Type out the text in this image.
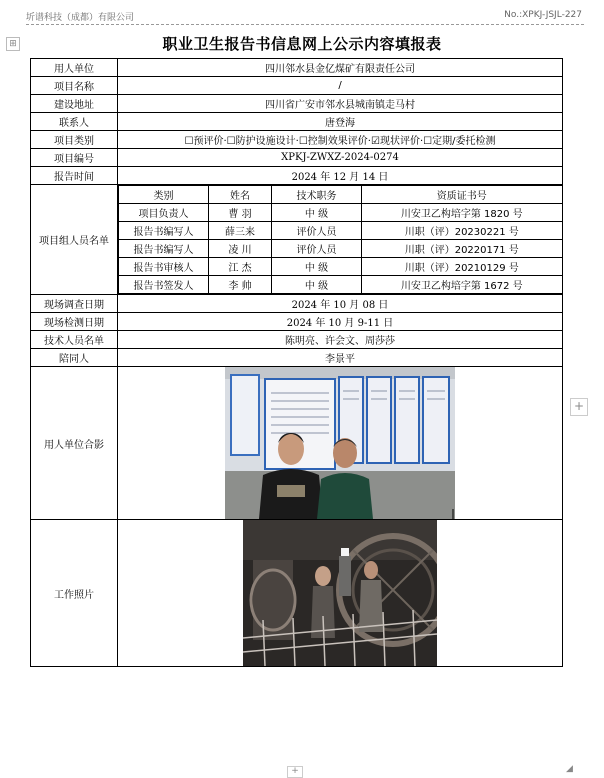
圻谱科技（成都）有限公司	No.:XPKJ-JSJL-227
⊞	职业卫生报告书信息网上公示内容填报表
用人单位	四川邻水县金亿煤矿有限责任公司
项目名称	/
建设地址	四川省广安市邻水县城南镇走马村
联系人	唐登海
项目类别	☐预评价·☐防护设施设计·☐控制效果评价·☑现状评价·☐定期/委托检测
项目编号	XPKJ-ZWXZ-2024-0274
报告时间	2024 年 12 月 14 日
项目组人员名单	
类别	姓名	技术职务	资质证书号
项目负责人	曹 羽	中 级	川安卫乙构培字第 1820 号
报告书编写人	薛三来	评价人员	川职（评）20230221 号
报告书编写人	凌 川	评价人员	川职（评）20220171 号
报告书审核人	江 杰	中 级	川职（评）20210129 号
报告书签发人	李 帅	中 级	川安卫乙构培字第 1672 号

现场调查日期	2024 年 10 月 08 日
现场检测日期	2024 年 10 月 9-11 日
技术人员名单	陈明亮、许会文、周莎莎
陪同人	李景平
用人单位合影	

工作照片	
+
+	◢
